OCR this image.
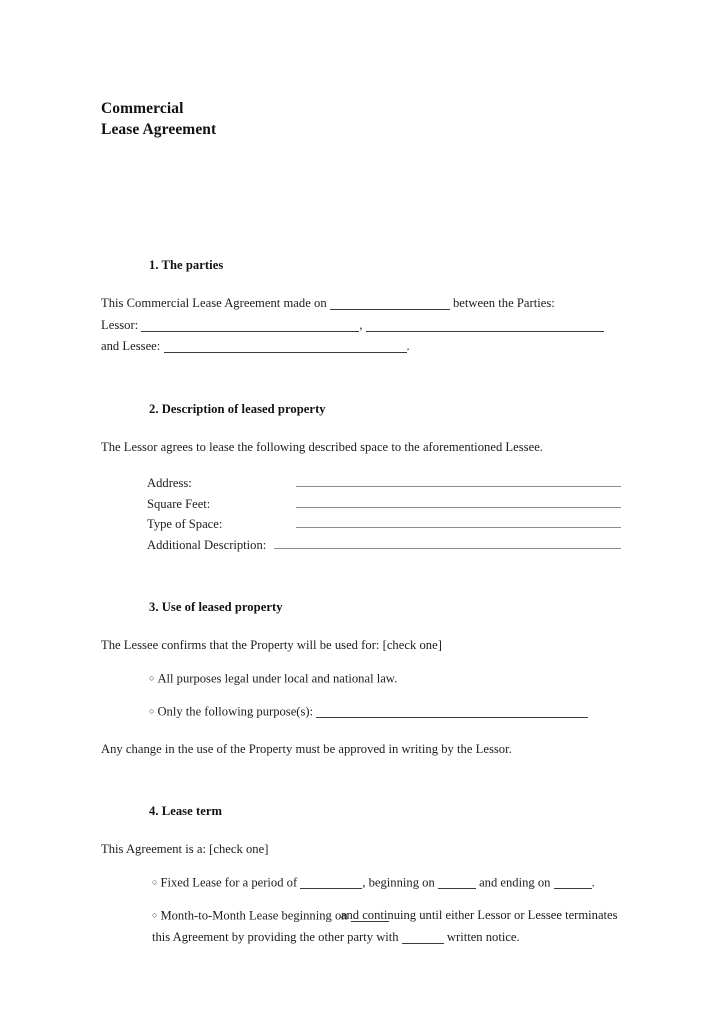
Commercial
Lease Agreement
1. The parties

This Commercial Lease Agreement made on	between the Parties:
Lessor:	,
and Lessee:	.

2. Description of leased property

The Lessor agrees to lease the following described space to the aforementioned Lessee.

Address:
Square Feet:
Type of Space:
Additional Description:
3. Use of leased property

The Lessee confirms that the Property will be used for: [check one]

○ All purposes legal under local and national law.

○ Only the following purpose(s):

Any change in the use of the Property must be approved in writing by the Lessor.

4. Lease term

This Agreement is a: [check one]

○ Fixed Lease for a period of	, beginning on	and ending on	.

○ Month-to-Month Lease beginning on  and continuing until either Lessor or Lessee terminates this Agreement by providing the other party with	written notice.
